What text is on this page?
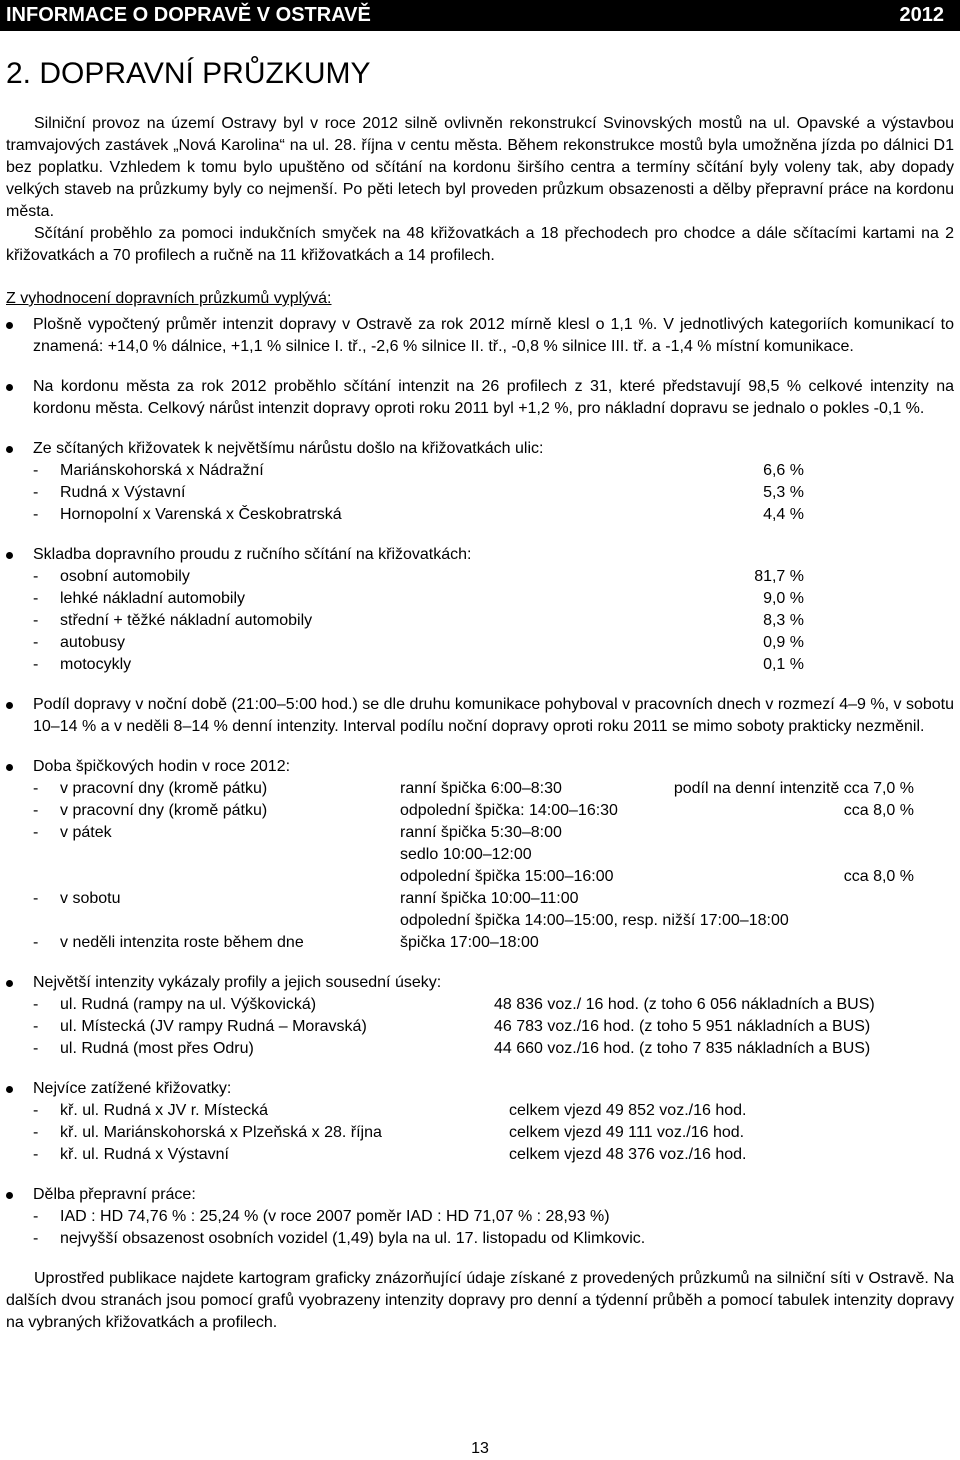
INFORMACE O DOPRAVĚ V OSTRAVĚ	2012
2. DOPRAVNÍ PRŮZKUMY

Silniční provoz na území Ostravy byl v roce 2012 silně ovlivněn rekonstrukcí Svinovských mostů na ul. Opavské a výstavbou tramvajových zastávek „Nová Karolina“ na ul. 28. října v centu města. Během rekonstrukce mostů byla umožněna jízda po dálnici D1 bez poplatku. Vzhledem k tomu bylo upuštěno od sčítání na kordonu širšího centra a termíny sčítání byly voleny tak, aby dopady velkých staveb na průzkumy byly co nejmenší. Po pěti letech byl proveden průzkum obsazenosti a dělby přepravní práce na kordonu města.

Sčítání proběhlo za pomoci indukčních smyček na 48 křižovatkách a 18 přechodech pro chodce a dále sčítacími kartami na 2 křižovatkách a 70 profilech a ručně na 11 křižovatkách a 14 profilech.

Z vyhodnocení dopravních průzkumů vyplývá:

Plošně vypočtený průměr intenzit dopravy v Ostravě za rok 2012 mírně klesl o 1,1 %. V jednotlivých kategoriích komunikací to znamená: +14,0 % dálnice, +1,1 % silnice I. tř., -2,6 % silnice II. tř., -0,8 % silnice III. tř. a -1,4 % místní komunikace.
Na kordonu města za rok 2012 proběhlo sčítání intenzit na 26 profilech z 31, které představují 98,5 % celkové intenzity na kordonu města. Celkový nárůst intenzit dopravy oproti roku 2011 byl +1,2 %, pro nákladní dopravu se jednalo o pokles -0,1 %.
Ze sčítaných křižovatek k největšímu nárůstu došlo na křižovatkách ulic:
- Mariánskohorská x Nádražní	6,6 %
- Rudná x Výstavní	5,3 %
- Hornopolní x Varenská x Českobratrská	4,4 %
Skladba dopravního proudu z ručního sčítání na křižovatkách:
- osobní automobily	81,7 %
- lehké nákladní automobily	9,0 %
- střední + těžké nákladní automobily	8,3 %
- autobusy	0,9 %
- motocykly	0,1 %
Podíl dopravy v noční době (21:00–5:00 hod.) se dle druhu komunikace pohyboval v pracovních dnech v rozmezí 4–9 %, v sobotu 10–14 % a v neděli 8–14 % denní intenzity. Interval podílu noční dopravy oproti roku 2011 se mimo soboty prakticky nezměnil.
Doba špičkových hodin v roce 2012:
- v pracovní dny (kromě pátku)	ranní špička 6:00–8:30	podíl na denní intenzitě cca 7,0 %
- v pracovní dny (kromě pátku)	odpolední špička: 14:00–16:30	cca 8,0 %
- v pátek	ranní špička 5:30–8:00
sedlo 10:00–12:00
odpolední špička 15:00–16:00	cca 8,0 %
- v sobotu	ranní špička 10:00–11:00
odpolední špička 14:00–15:00, resp. nižší 17:00–18:00
- v neděli intenzita roste během dne	špička 17:00–18:00
Největší intenzity vykázaly profily a jejich sousední úseky:
- ul. Rudná (rampy na ul. Výškovická)	48 836 voz./ 16 hod. (z toho 6 056 nákladních a BUS)
- ul. Místecká (JV rampy Rudná – Moravská)	46 783 voz./16 hod. (z toho 5 951 nákladních a BUS)
- ul. Rudná (most přes Odru)	44 660 voz./16 hod. (z toho 7 835 nákladních a BUS)
Nejvíce zatížené křižovatky:
- kř. ul. Rudná x JV r. Místecká	celkem vjezd 49 852 voz./16 hod.
- kř. ul. Mariánskohorská x Plzeňská x 28. října	celkem vjezd 49 111 voz./16 hod.
- kř. ul. Rudná x Výstavní	celkem vjezd 48 376 voz./16 hod.
Dělba přepravní práce:
- IAD : HD 74,76 % : 25,24 % (v roce 2007 poměr IAD : HD 71,07 % : 28,93 %)
- nejvyšší obsazenost osobních vozidel (1,49) byla na ul. 17. listopadu od Klimkovic.

Uprostřed publikace najdete kartogram graficky znázorňující údaje získané z provedených průzkumů na silniční síti v Ostravě. Na dalších dvou stranách jsou pomocí grafů vyobrazeny intenzity dopravy pro denní a týdenní průběh a pomocí tabulek intenzity dopravy na vybraných křižovatkách a profilech.

13
